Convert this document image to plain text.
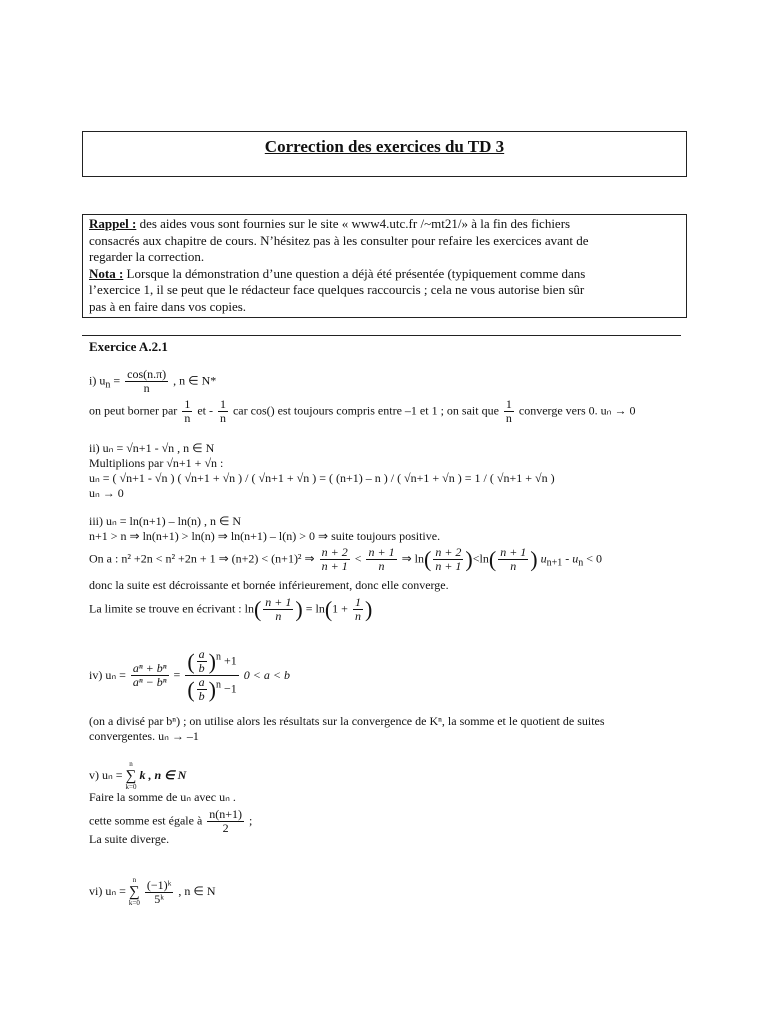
Correction des exercices du TD 3
Rappel : des aides vous sont fournies sur le site « www4.utc.fr /~mt21/» à la fin des fichiers
consacrés aux chapitre de cours. N’hésitez pas à les consulter pour refaire les exercices avant de
regarder la correction.
Nota : Lorsque la démonstration d’une question a déjà été présentée (typiquement comme dans
l’exercice 1, il se peut que le rédacteur face quelques raccourcis ; cela ne vous autorise bien sûr
pas à en faire dans vos copies.
Exercice A.2.1
i) $u_n = \frac{\cos(n.\pi)}{n}$ , n ∈ N*
on peut borner par $\frac{1}{n}$ et - $\frac{1}{n}$ car cos() est toujours compris entre –1 et 1 ; on sait que $\frac{1}{n}$ converge vers 0. uₙ → 0
ii) uₙ = √n+1 - √n , n ∈ N
Multiplions par √n+1 + √n :
uₙ = ( √n+1 - √n ) ( √n+1 + √n ) / ( √n+1 + √n ) = ( (n+1) – n ) / ( √n+1 + √n ) = 1 / ( √n+1 + √n )
uₙ → 0
iii) uₙ = ln(n+1) – ln(n) , n ∈ N
n+1 > n ⇒ ln(n+1) > ln(n) ⇒ ln(n+1) – l(n) > 0 ⇒ suite toujours positive.
On a : n² +2n < n² +2n + 1 ⇒ (n+2) < (n+1)² ⇒ $\frac{n + 2}{n + 1} < \frac{n + 1}{n}$ ⇒ $\ln( \frac{n + 2}{n + 1} )<\ln( \frac{n + 1}{n}$ ) $u_{n+1} - u_n < 0$
donc la suite est décroissante et bornée inférieurement, donc elle converge.
La limite se trouve en écrivant : $\ln( \frac{n + 1}{n}$ ) = $\ln(1 + \frac{1}{n}$ )
iv) $u_n = \frac{\text{aⁿ + bⁿ}}{\text{aⁿ − bⁿ}} = \frac{( \frac{a}{b} )^n +1}{( \frac{a}{b} )^n -1} 0 < a < b$
(on a divisé par bⁿ) ; on utilise alors les résultats sur la convergence de Kⁿ, la somme et le quotient de suites
convergentes. uₙ → –1
v) uₙ = n
∑
k=0 k , n ∈ N
Faire la somme de uₙ avec uₙ .
cette somme est égale à $\frac{n(n+1)}{2}$ ;
La suite diverge.
vi) uₙ = n
∑
$k=0 \frac{\text{(−1)ᵏ}}{\text{5ᵏ}}$ , n ∈ N
